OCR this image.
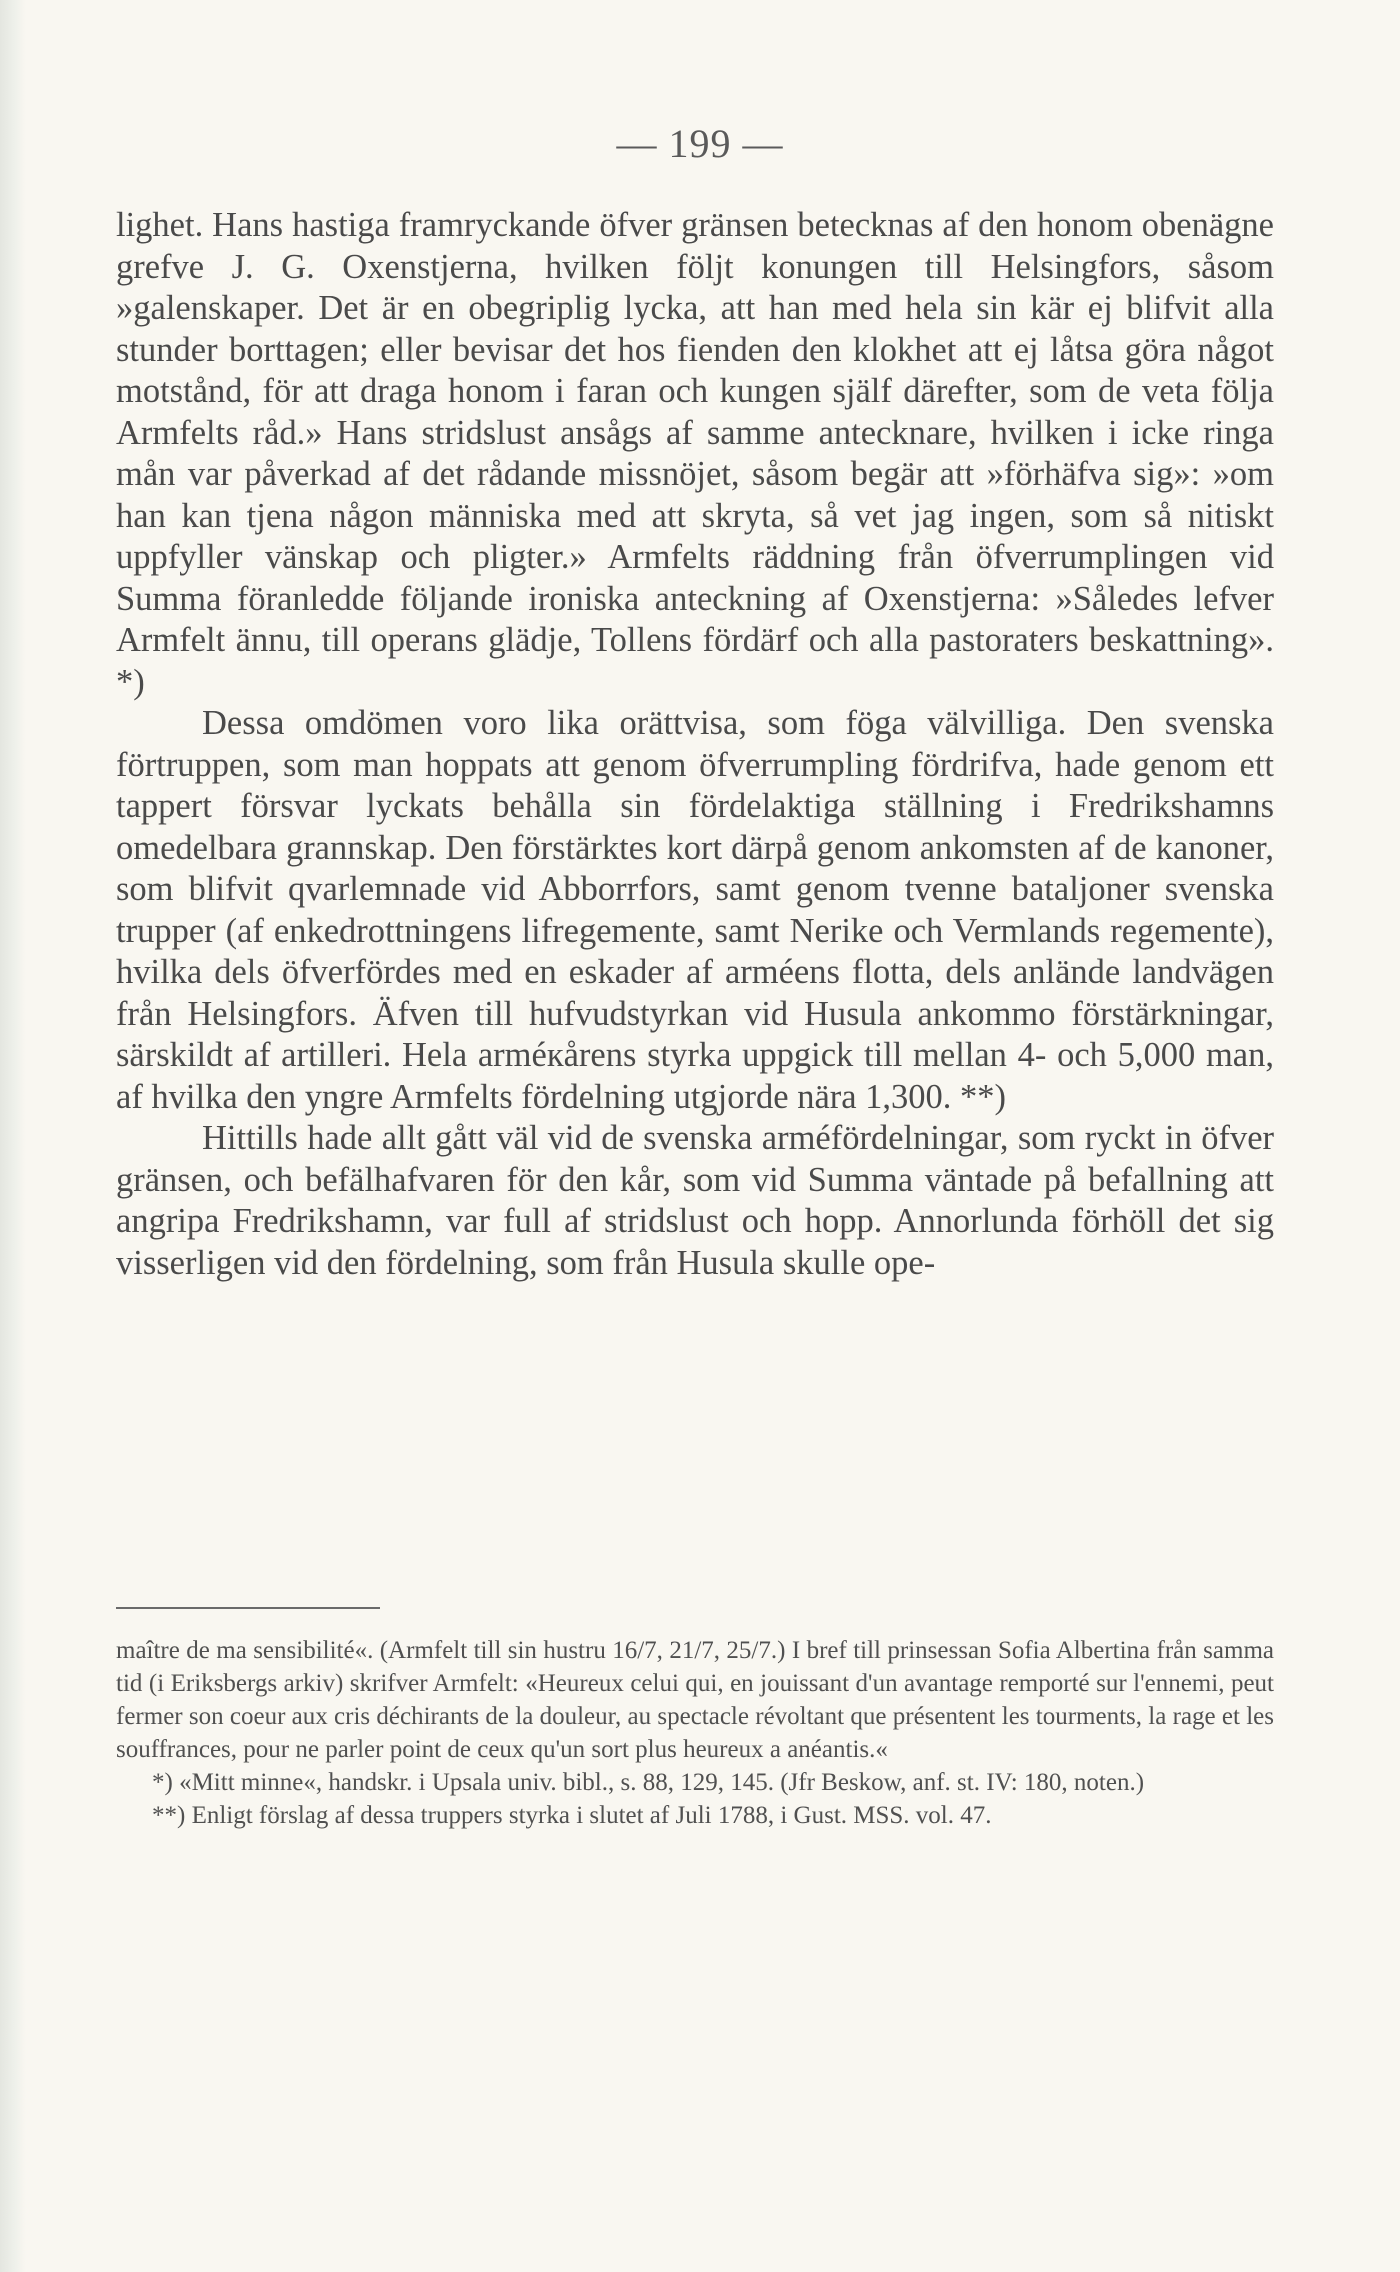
— 199 —

lighet. Hans hastiga framryckande öfver gränsen betecknas af den honom obenägne grefve J. G. Oxenstjerna, hvilken följt konungen till Helsingfors, såsom »galenskaper. Det är en obegriplig lycka, att han med hela sin kär ej blifvit alla stunder borttagen; eller bevisar det hos fienden den klokhet att ej låtsa göra något motstånd, för att draga honom i faran och kungen själf därefter, som de veta följa Armfelts råd.» Hans stridslust ansågs af samme antecknare, hvilken i icke ringa mån var påverkad af det rådande missnöjet, såsom begär att »förhäfva sig»: »om han kan tjena någon människa med att skryta, så vet jag ingen, som så nitiskt uppfyller vänskap och pligter.» Armfelts räddning från öfverrumplingen vid Summa föranledde följande ironiska anteckning af Oxenstjerna: »Således lefver Armfelt ännu, till operans glädje, Tollens fördärf och alla pastoraters beskattning». *)

Dessa omdömen voro lika orättvisa, som föga välvilliga. Den svenska förtruppen, som man hoppats att genom öfverrumpling fördrifva, hade genom ett tappert försvar lyckats behålla sin fördelaktiga ställning i Fredrikshamns omedelbara grannskap. Den förstärktes kort därpå genom ankomsten af de kanoner, som blifvit qvarlemnade vid Abborrfors, samt genom tvenne bataljoner svenska trupper (af enkedrottningens lifregemente, samt Nerike och Vermlands regemente), hvilka dels öfverfördes med en eskader af arméens flotta, dels anlände landvägen från Helsingfors. Äfven till hufvudstyrkan vid Husula ankommo förstärkningar, särskildt af artilleri. Hela arméкårens styrka uppgick till mellan 4- och 5,000 man, af hvilka den yngre Armfelts fördelning utgjorde nära 1,300. **)

Hittills hade allt gått väl vid de svenska arméfördelningar, som ryckt in öfver gränsen, och befälhafvaren för den kår, som vid Summa väntade på befallning att angripa Fredrikshamn, var full af stridslust och hopp. Annorlunda förhöll det sig visserligen vid den fördelning, som från Husula skulle ope-

maître de ma sensibilité«. (Armfelt till sin hustru 16/7, 21/7, 25/7.) I bref till prinsessan Sofia Albertina från samma tid (i Eriksbergs arkiv) skrifver Armfelt: «Heureux celui qui, en jouissant d'un avantage remporté sur l'ennemi, peut fermer son coeur aux cris déchirants de la douleur, au spectacle révoltant que présentent les tourments, la rage et les souffrances, pour ne parler point de ceux qu'un sort plus heureux a anéantis.«

*) «Mitt minne«, handskr. i Upsala univ. bibl., s. 88, 129, 145. (Jfr Beskow, anf. st. IV: 180, noten.)

**) Enligt förslag af dessa truppers styrka i slutet af Juli 1788, i Gust. MSS. vol. 47.
